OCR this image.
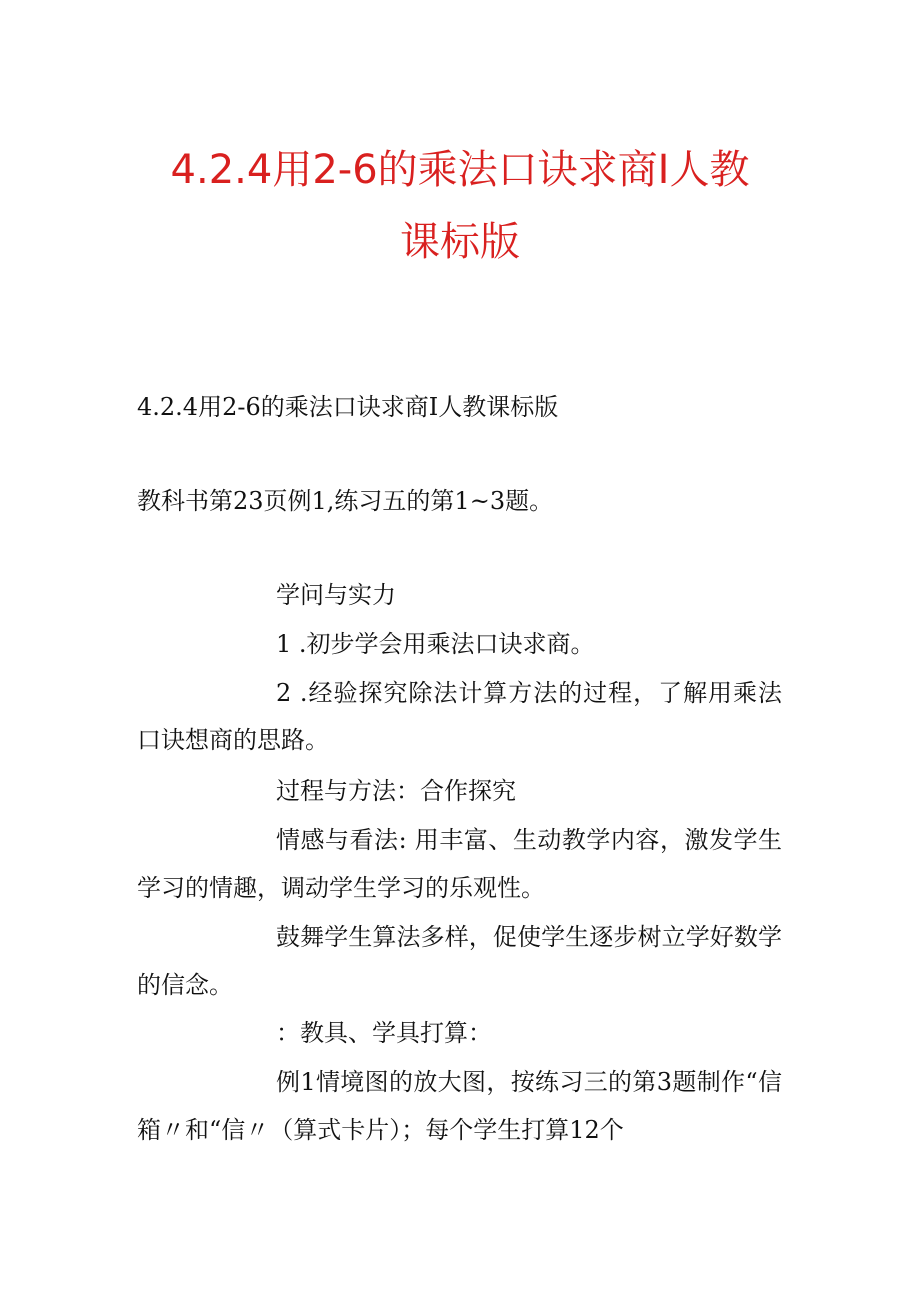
4.2.4用2-6的乘法口诀求商I人教
课标版

4.2.4用2-6的乘法口诀求商I人教课标版

教科书第23页例1,练习五的第1~3题。

学问与实力

1 .初步学会用乘法口诀求商。

2 .经验探究除法计算方法的过程，了解用乘法

口诀想商的思路。

过程与方法：合作探究

情感与看法: 用丰富、生动教学内容，激发学生

学习的情趣，调动学生学习的乐观性。

鼓舞学生算法多样，促使学生逐步树立学好数学

的信念。

：教具、学具打算：

例1情境图的放大图，按练习三的第3题制作“信

箱〃和“信〃（算式卡片）；每个学生打算12个
